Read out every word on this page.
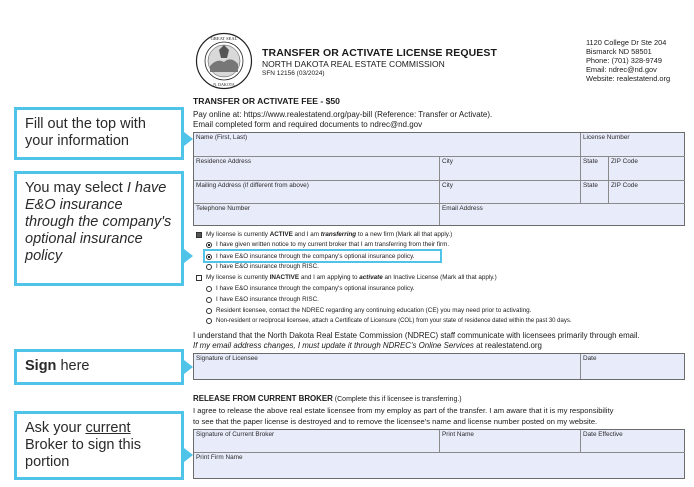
GREAT SEAL
N. DAKOTA
TRANSFER OR ACTIVATE LICENSE REQUEST
NORTH DAKOTA REAL ESTATE COMMISSION
SFN 12156 (03/2024)
1120 College Dr Ste 204
Bismarck ND 58501
Phone: (701) 328-9749
Email: ndrec@nd.gov
Website: realestatend.org
TRANSFER OR ACTIVATE FEE - $50
Pay online at: https://www.realestatend.org/pay-bill (Reference: Transfer or Activate).
Email completed form and required documents to ndrec@nd.gov
Name (First, Last)	License Number
Residence Address	City	State ZIP Code
Mailing Address (if different from above)	City	State ZIP Code
Telephone Number	Email Address
My license is currently ACTIVE and I am transferring to a new firm (Mark all that apply.)
I have given written notice to my current broker that I am transferring from their firm.
I have E&O insurance through the company's optional insurance policy.
I have E&O insurance through RISC.
My license is currently INACTIVE and I am applying to activate an Inactive License (Mark all that apply.)
I have E&O insurance through the company's optional insurance policy.
I have E&O insurance through RISC.
Resident licensee, contact the NDREC regarding any continuing education (CE) you may need prior to activating.
Non-resident or reciprocal licensee, attach a Certificate of Licensure (COL) from your state of residence dated within the past 30 days.
I understand that the North Dakota Real Estate Commission (NDREC) staff communicate with licensees primarily through email.
If my email address changes, I must update it through NDREC's Online Services at realestatend.org
Signature of Licensee	Date
RELEASE FROM CURRENT BROKER (Complete this if licensee is transferring.)
I agree to release the above real estate licensee from my employ as part of the transfer. I am aware that it is my responsibility
to see that the paper license is destroyed and to remove the licensee's name and license number posted on my website.
Signature of Current Broker	Print Name	Date Effective
Print Firm Name
Fill out the top with your information
You may select I have E&O insurance through the company's optional insurance policy
Sign here
Ask your current Broker to sign this portion
